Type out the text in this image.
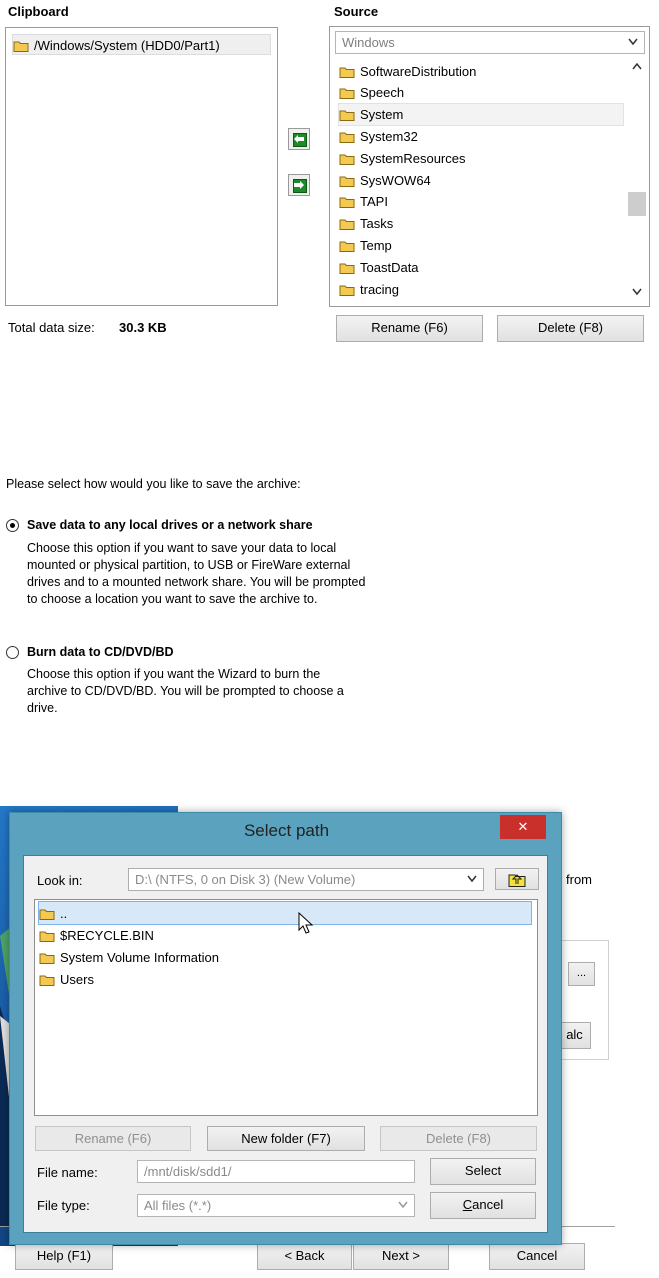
Clipboard
/Windows/System (HDD0/Part1)
Source
Windows
SoftwareDistribution
Speech
System
System32
SystemResources
SysWOW64
TAPI
Tasks
Temp
ToastData
tracing
Total data size: 30.3 KB	Rename (F6)	Delete (F8)
Please select how would you like to save the archive:
Save data to any local drives or a network share
Choose this option if you want to save your data to local
mounted or physical partition, to USB or FireWare external
drives and to a mounted network share. You will be prompted
to choose a location you want to save the archive to.
Burn data to CD/DVD/BD
Choose this option if you want the Wizard to burn the
archive to CD/DVD/BD. You will be prompted to choose a
drive.
from
...
alc
Help (F1)	< Back	Next >	Cancel
Select path	✕
Look in:	D:\ (NTFS, 0 on Disk 3) (New Volume)
..
$RECYCLE.BIN
System Volume Information
Users
Rename (F6)	New folder (F7)	Delete (F8)
File name:	/mnt/disk/sdd1/	Select
File type:	All files (*.*)	Cancel
